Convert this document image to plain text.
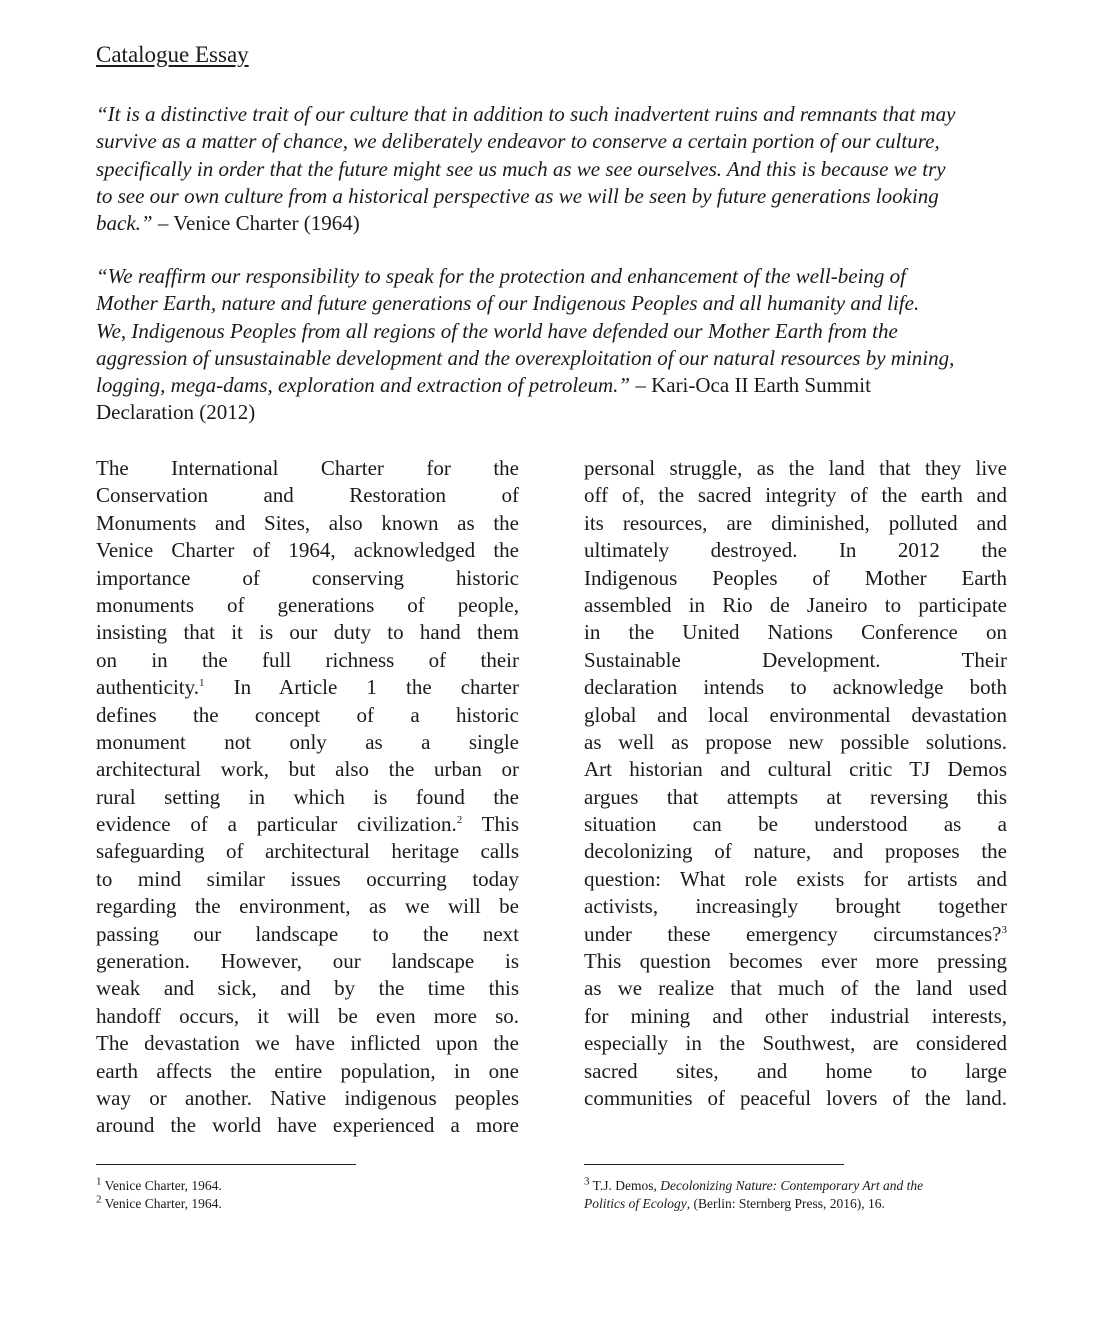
Catalogue Essay
“It is a distinctive trait of our culture that in addition to such inadvertent ruins and remnants that may
survive as a matter of chance, we deliberately endeavor to conserve a certain portion of our culture,
specifically in order that the future might see us much as we see ourselves. And this is because we try
to see our own culture from a historical perspective as we will be seen by future generations looking
back.” – Venice Charter (1964)
“We reaffirm our responsibility to speak for the protection and enhancement of the well-being of
Mother Earth, nature and future generations of our Indigenous Peoples and all humanity and life.
We, Indigenous Peoples from all regions of the world have defended our Mother Earth from the
aggression of unsustainable development and the overexploitation of our natural resources by mining,
logging, mega-dams, exploration and extraction of petroleum.” – Kari-Oca II Earth Summit
Declaration (2012)
The International Charter for the
Conservation and Restoration of
Monuments and Sites, also known as the
Venice Charter of 1964, acknowledged the
importance of conserving historic
monuments of generations of people,
insisting that it is our duty to hand them
on in the full richness of their
authenticity.$^1$ In Article 1 the charter
defines the concept of a historic
monument not only as a single
architectural work, but also the urban or
rural setting in which is found the
evidence of a particular civilization.$^2$ This
safeguarding of architectural heritage calls
to mind similar issues occurring today
regarding the environment, as we will be
passing our landscape to the next
generation. However, our landscape is
weak and sick, and by the time this
handoff occurs, it will be even more so.
The devastation we have inflicted upon the
earth affects the entire population, in one
way or another. Native indigenous peoples
around the world have experienced a more
personal struggle, as the land that they live
off of, the sacred integrity of the earth and
its resources, are diminished, polluted and
ultimately destroyed. In 2012 the
Indigenous Peoples of Mother Earth
assembled in Rio de Janeiro to participate
in the United Nations Conference on
Sustainable Development. Their
declaration intends to acknowledge both
global and local environmental devastation
as well as propose new possible solutions.
Art historian and cultural critic TJ Demos
argues that attempts at reversing this
situation can be understood as a
decolonizing of nature, and proposes the
question: What role exists for artists and
activists, increasingly brought together
under these emergency circumstances?$^3$
This question becomes ever more pressing
as we realize that much of the land used
for mining and other industrial interests,
especially in the Southwest, are considered
sacred sites, and home to large
communities of peaceful lovers of the land.
$^1$ Venice Charter, 1964.
$^2$ Venice Charter, 1964.
$^3$ T.J. Demos, Decolonizing Nature: Contemporary Art and the
Politics of Ecology, (Berlin: Sternberg Press, 2016), 16.
